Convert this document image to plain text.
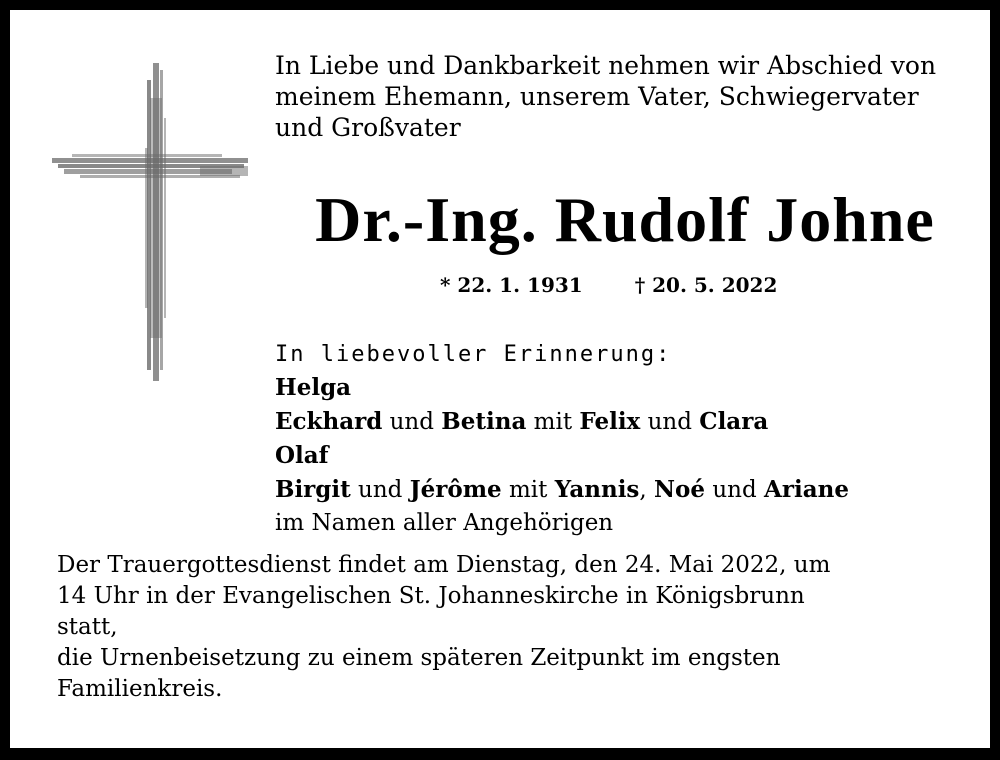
In Liebe und Dankbarkeit nehmen wir Abschied von
meinem Ehemann, unserem Vater, Schwiegervater
und Großvater
Dr.-Ing. Rudolf Johne
* 22. 1. 1931	† 20. 5. 2022
In liebevoller Erinnerung:
Helga
Eckhard und Betina mit Felix und Clara
Olaf
Birgit und Jérôme mit Yannis, Noé und Ariane
im Namen aller Angehörigen
Der Trauergottesdienst findet am Dienstag, den 24. Mai 2022, um
14 Uhr in der Evangelischen St. Johanneskirche in Königsbrunn
statt,
die Urnenbeisetzung zu einem späteren Zeitpunkt im engsten
Familienkreis.
